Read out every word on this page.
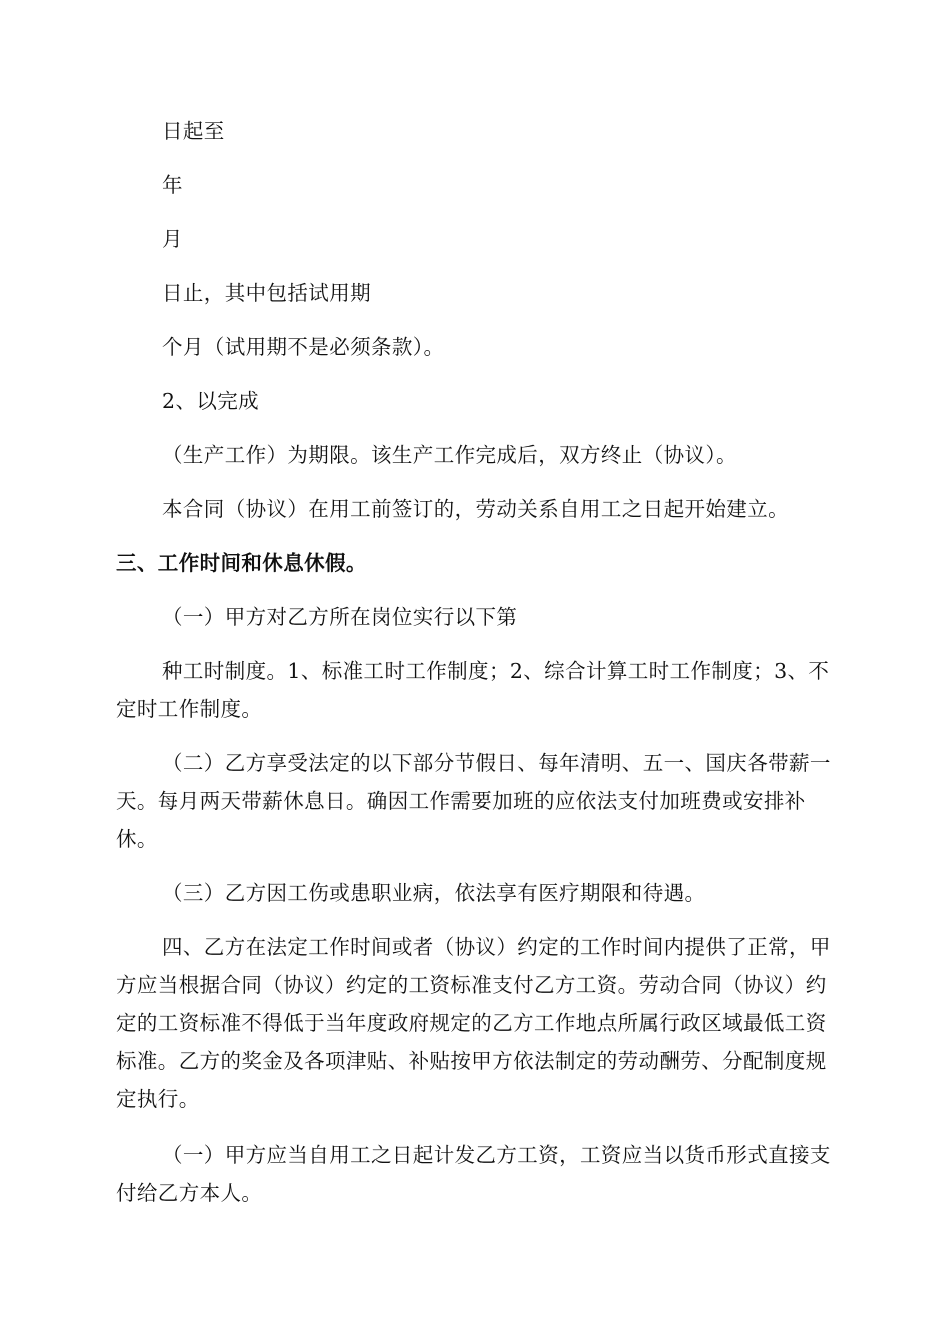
日起至
年
月
日止，其中包括试用期
个月（试用期不是必须条款）。
2、以完成
（生产工作）为期限。该生产工作完成后，双方终止（协议）。
本合同（协议）在用工前签订的，劳动关系自用工之日起开始建立。
三、工作时间和休息休假。
（一）甲方对乙方所在岗位实行以下第
种工时制度。1、标准工时工作制度；2、综合计算工时工作制度；3、不定时工作制度。
（二）乙方享受法定的以下部分节假日、每年清明、五一、国庆各带薪一天。每月两天带薪休息日。确因工作需要加班的应依法支付加班费或安排补休。
（三）乙方因工伤或患职业病，依法享有医疗期限和待遇。
四、乙方在法定工作时间或者（协议）约定的工作时间内提供了正常，甲方应当根据合同（协议）约定的工资标准支付乙方工资。劳动合同（协议）约定的工资标准不得低于当年度政府规定的乙方工作地点所属行政区域最低工资标准。乙方的奖金及各项津贴、补贴按甲方依法制定的劳动酬劳、分配制度规定执行。
（一）甲方应当自用工之日起计发乙方工资，工资应当以货币形式直接支付给乙方本人。
